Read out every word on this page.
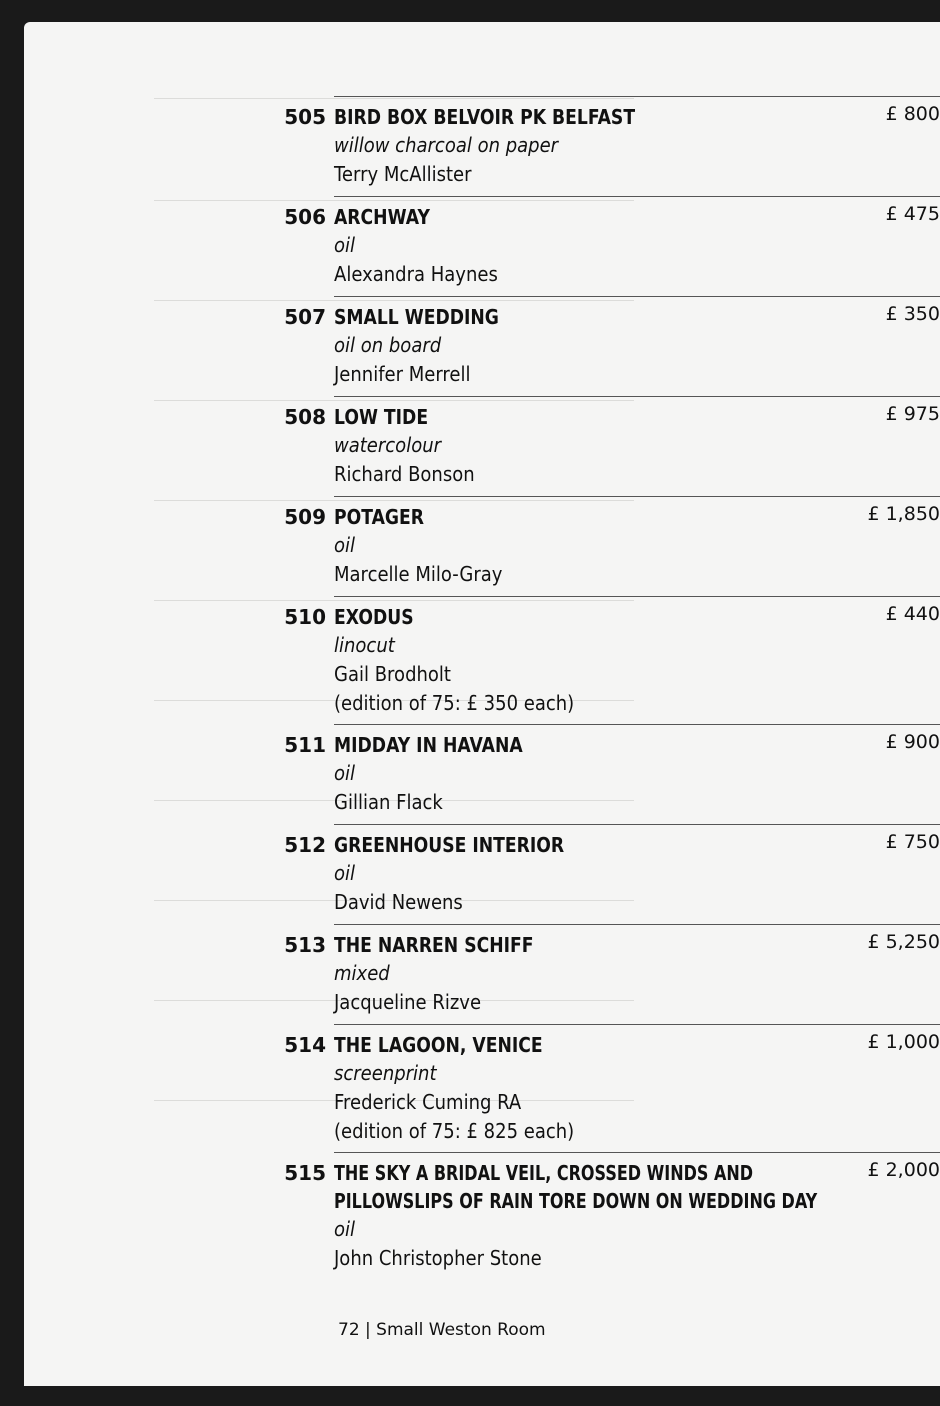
505 BIRD BOX BELVOIR PK BELFAST
willow charcoal on paper
Terry McAllister
£ 800
506 ARCHWAY
oil
Alexandra Haynes
£ 475
507 SMALL WEDDING
oil on board
Jennifer Merrell
£ 350
508 LOW TIDE
watercolour
Richard Bonson
£ 975
509 POTAGER
oil
Marcelle Milo-Gray
£ 1,850
510 EXODUS
linocut
Gail Brodholt
(edition of 75: £ 350 each)
£ 440
511 MIDDAY IN HAVANA
oil
Gillian Flack
£ 900
512 GREENHOUSE INTERIOR
oil
David Newens
£ 750
513 THE NARREN SCHIFF
mixed
Jacqueline Rizve
£ 5,250
514 THE LAGOON, VENICE
screenprint
Frederick Cuming RA
(edition of 75: £ 825 each)
£ 1,000
515 THE SKY A BRIDAL VEIL, CROSSED WINDS AND
PILLOWSLIPS OF RAIN TORE DOWN ON WEDDING DAY
oil
John Christopher Stone
£ 2,000
72 | Small Weston Room
